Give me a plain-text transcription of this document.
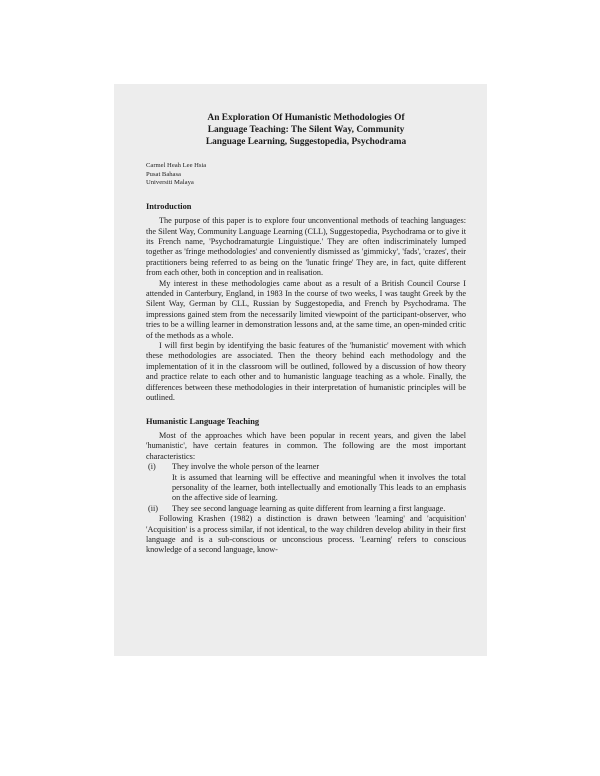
An Exploration Of Humanistic Methodologies Of
Language Teaching: The Silent Way, Community
Language Learning, Suggestopedia, Psychodrama
Carmel Heah Lee Hsia
Pusat Bahasa
Universiti Malaya
Introduction

The purpose of this paper is to explore four unconventional methods of teaching languages: the Silent Way, Community Language Learning (CLL), Suggestopedia, Psychodrama or to give it its French name, 'Psychodramaturgie Linguistique.' They are often indiscriminately lumped together as 'fringe methodologies' and conveniently dismissed as 'gimmicky', 'fads', 'crazes', their practitioners being referred to as being on the 'lunatic fringe' They are, in fact, quite different from each other, both in conception and in realisation.

My interest in these methodologies came about as a result of a British Council Course I attended in Canterbury, England, in 1983 In the course of two weeks, I was taught Greek by the Silent Way, German by CLL, Russian by Suggestopedia, and French by Psychodrama. The impressions gained stem from the necessarily limited viewpoint of the participant-observer, who tries to be a willing learner in demonstration lessons and, at the same time, an open-minded critic of the methods as a whole.

I will first begin by identifying the basic features of the 'humanistic' movement with which these methodologies are associated. Then the theory behind each methodology and the implementation of it in the classroom will be outlined, followed by a discussion of how theory and practice relate to each other and to humanistic language teaching as a whole. Finally, the differences between these methodologies in their interpretation of humanistic principles will be outlined.

Humanistic Language Teaching

Most of the approaches which have been popular in recent years, and given the label 'humanistic', have certain features in common. The following are the most important characteristics:

(i)	They involve the whole person of the learner
It is assumed that learning will be effective and meaningful when it involves the total personality of the learner, both intellectually and emotionally This leads to an emphasis on the affective side of learning.
(ii)	They see second language learning as quite different from learning a first language.

Following Krashen (1982) a distinction is drawn between 'learning' and 'acquisition' 'Acquisition' is a process similar, if not identical, to the way children develop ability in their first language and is a sub-conscious or unconscious process. 'Learning' refers to conscious knowledge of a second language, know-
